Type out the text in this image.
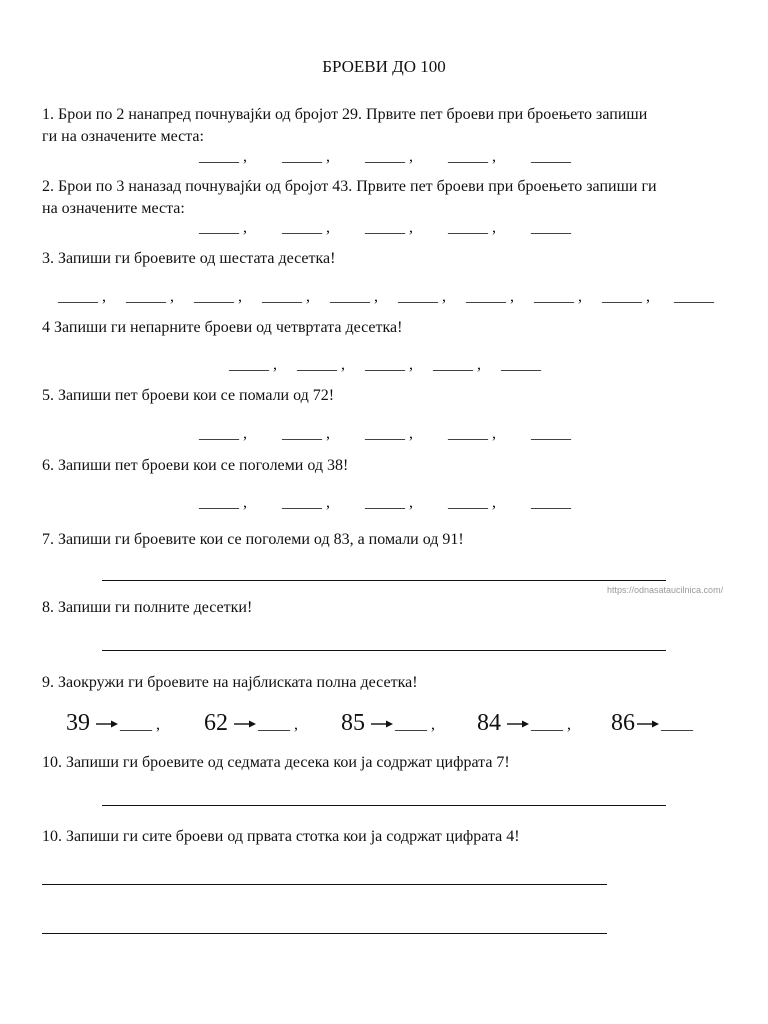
БРОЕВИ ДО 100
1. Брои по 2 нанапред почнувајќи од бројот 29. Првите пет броеви при броењето запиши
ги на означените места:
_____ ,	_____ ,	_____ ,	_____ ,	_____
2. Брои по 3 наназад почнувајќи од бројот 43. Првите пет броеви при броењето запиши ги
на означените места:
_____ ,	_____ ,	_____ ,	_____ ,	_____
3. Запиши ги броевите од шестата десетка!
_____ ,	_____ ,	_____ ,	_____ ,	_____ ,	_____ ,	_____ ,	_____ ,	_____ ,	_____
4 Запиши ги непарните броеви од четвртата десетка!
_____ ,	_____ ,	_____ ,	_____ ,	_____
5. Запиши пет броеви кои се помали од 72!
_____ ,	_____ ,	_____ ,	_____ ,	_____
6. Запиши пет броеви кои се поголеми од 38!
_____ ,	_____ ,	_____ ,	_____ ,	_____
7. Запиши ги броевите кои се поголеми од 83, а помали од 91!
https://odnasataucilnica.com/
8. Запиши ги полните десетки!
9. Заокружи ги броевите на најблиската полна десетка!
39 ____ , 62 ____ , 85 ____ , 84 ____ , 86 ____
10. Запиши ги броевите од седмата десека кои ја содржат цифрата 7!
10. Запиши ги сите броеви од првата стотка кои ја содржат цифрата 4!
